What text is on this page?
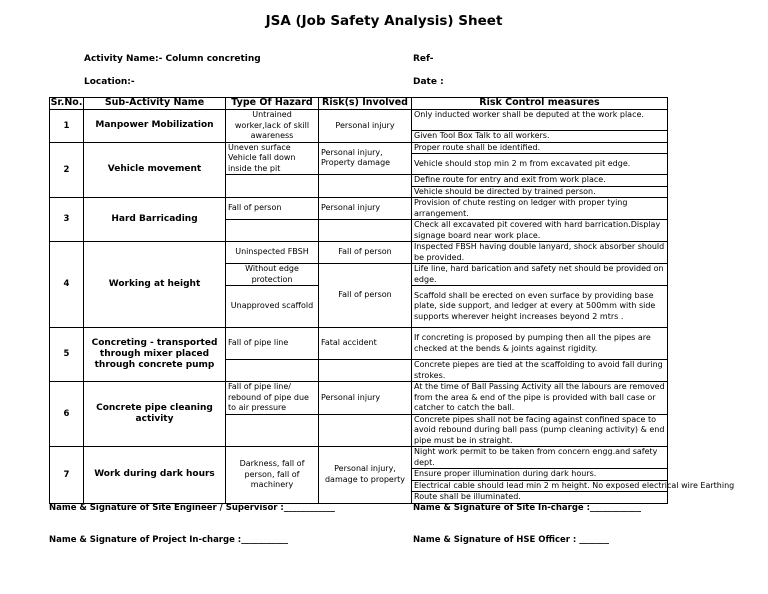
JSA (Job Safety Analysis) Sheet
Activity Name:- Column concreting	Ref-
Location:-	Date :
Sr.No.	Sub-Activity Name	Type Of Hazard	Risk(s) Involved	Risk Control measures
1	Manpower Mobilization	Untrained worker,lack of skill awareness	Personal injury	Only inducted worker shall be deputed at the work place.
				Given Tool Box Talk to all workers.
2	Vehicle movement	Uneven surface Vehicle fall down inside the pit	Personal injury, Property damage	Proper route shall be identified.
				Vehicle should stop min 2 m from excavated pit edge.
				Define route for entry and exit from work place.
				Vehicle should be directed by trained person.
3	Hard Barricading	Fall of person	Personal injury	Provision of chute resting on ledger with proper tying arrangement.
				Check all excavated pit covered with hard barrication.Display signage board near work place.
4	Working at height	Uninspected FBSH	Fall of person	Inspected FBSH having double lanyard, shock absorber should be provided.
		Without edge protection	Fall of person	Life line, hard barication and safety net should be provided on edge.
		Unapproved scaffold		Scaffold shall be erected on even surface by providing base plate, side support, and ledger at every at 500mm with side supports wherever height increases beyond 2 mtrs .
5	Concreting - transported through mixer placed through concrete pump	Fall of pipe line	Fatal accident	If concreting is proposed by pumping then all the pipes are checked at the bends & joints against rigidity.
				Concrete piepes are tied at the scaffolding to avoid fall during strokes.
6	Concrete pipe cleaning activity	Fall of pipe line/ rebound of pipe due to air pressure	Personal injury	At the time of Ball Passing Activity all the labours are removed from the area & end of the pipe is provided with ball case or catcher to catch the ball.
				Concrete pipes shall not be facing against confined space to avoid rebound during ball pass (pump cleaning activity) & end pipe must be in straight.
7	Work during dark hours	Darkness, fall of person, fall of machinery	Personal injury, damage to property	Night work permit to be taken from concern engg.and safety dept.
				Ensure proper illumination during dark hours.
				Electrical cable should lead min 2 m height. No exposed electrical wire Earthing
				Route shall be illuminated.
Name & Signature of Site Engineer / Supervisor :____________	Name & Signature of Site In-charge :____________
Name & Signature of Project In-charge :___________	Name & Signature of HSE Officer : _______
